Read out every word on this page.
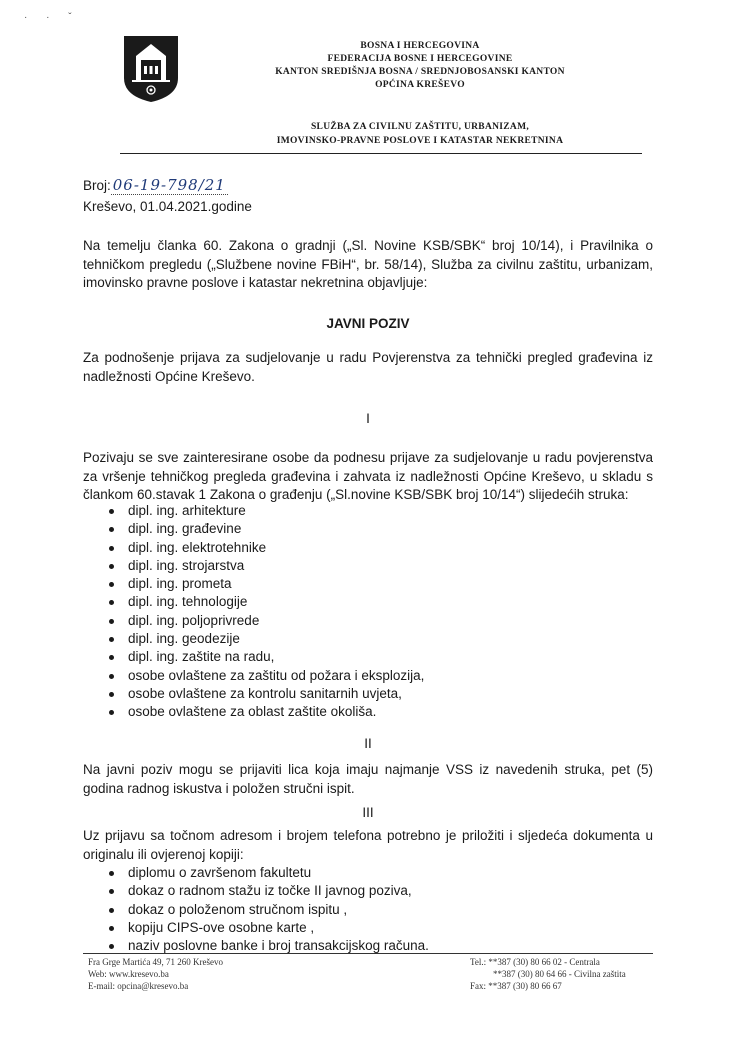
· · ˇ
BOSNA I HERCEGOVINA
FEDERACIJA BOSNE I HERCEGOVINE
KANTON SREDIŠNJA BOSNA / SREDNJOBOSANSKI KANTON
OPĆINA KREŠEVO
SLUŽBA ZA CIVILNU ZAŠTITU, URBANIZAM,
IMOVINSKO-PRAVNE POSLOVE I KATASTAR NEKRETNINA
Broj: 06-19-798/21
Kreševo, 01.04.2021.godine
Na temelju članka 60. Zakona o gradnji („Sl. Novine KSB/SBK“ broj 10/14), i Pravilnika o tehničkom pregledu („Službene novine FBiH“, br. 58/14), Služba za civilnu zaštitu, urbanizam, imovinsko pravne poslove i katastar nekretnina objavljuje:
JAVNI POZIV
Za podnošenje prijava za sudjelovanje u radu Povjerenstva za tehnički pregled građevina iz nadležnosti Općine Kreševo.
I
Pozivaju se sve zainteresirane osobe da podnesu prijave za sudjelovanje u radu povjerenstva za vršenje tehničkog pregleda građevina i zahvata iz nadležnosti Općine Kreševo, u skladu s člankom 60.stavak 1 Zakona o građenju („Sl.novine KSB/SBK broj 10/14“) slijedećih struka:
dipl. ing. arhitekture
dipl. ing. građevine
dipl. ing. elektrotehnike
dipl. ing. strojarstva
dipl. ing. prometa
dipl. ing. tehnologije
dipl. ing. poljoprivrede
dipl. ing. geodezije
dipl. ing. zaštite na radu,
osobe ovlaštene za zaštitu od požara i eksplozija,
osobe ovlaštene za kontrolu sanitarnih uvjeta,
osobe ovlaštene za oblast zaštite okoliša.
II
Na javni poziv mogu se prijaviti lica koja imaju najmanje VSS iz navedenih struka, pet (5) godina radnog iskustva i položen stručni ispit.
III
Uz prijavu sa točnom adresom i brojem telefona potrebno je priložiti i sljedeća dokumenta u originalu ili ovjerenoj kopiji:
diplomu o završenom fakultetu
dokaz o radnom stažu iz točke II javnog poziva,
dokaz o položenom stručnom ispitu ,
kopiju CIPS-ove osobne karte ,
naziv poslovne banke i broj transakcijskog računa.
Fra Grge Martića 49, 71 260 Kreševo
Web: www.kresevo.ba
E-mail: opcina@kresevo.ba
Tel.: **387 (30) 80 66 02 - Centrala
**387 (30) 80 64 66 - Civilna zaštita
Fax: **387 (30) 80 66 67
